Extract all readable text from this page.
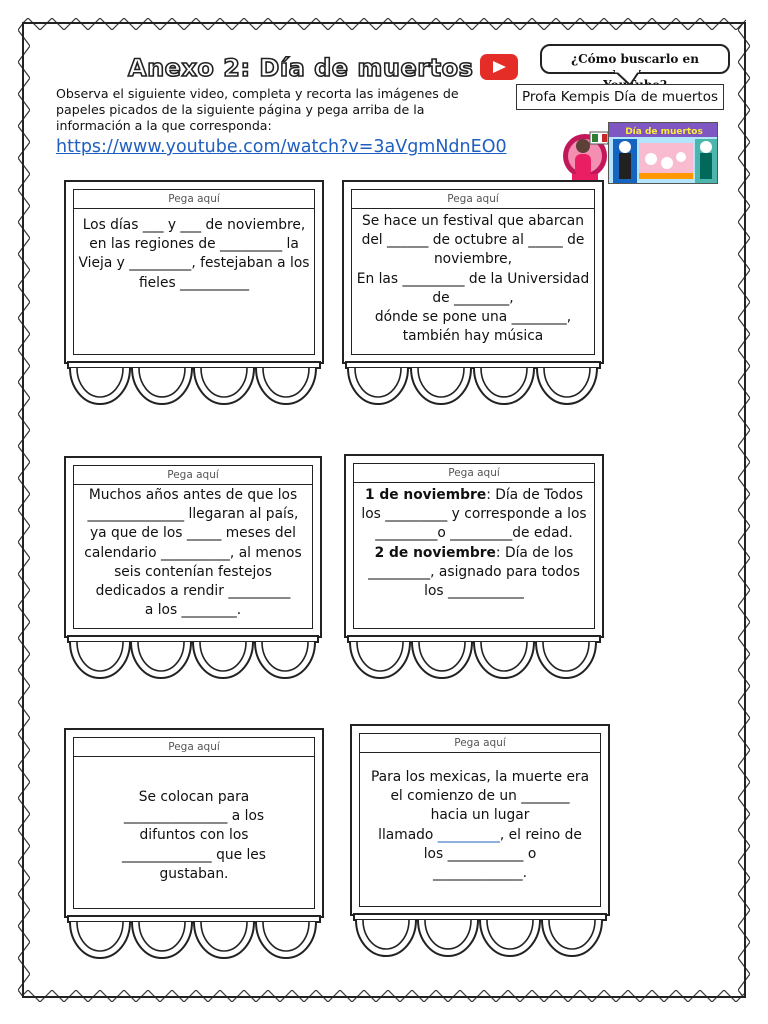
Anexo 2: Día de muertos
Observa el siguiente video, completa y recorta las imágenes de papeles picados de la siguiente página y pega arriba de la información a la que corresponda:
https://www.youtube.com/watch?v=3aVgmNdnEO0
¿Cómo buscarlo en
Profa Kempis Día de muertos
Día de muertos
Pega aquí
Los días ___ y ___ de noviembre, en las regiones de _________ la Vieja y _________, festejaban a los fieles __________
Pega aquí
Se hace un festival que abarcan del ______ de octubre al _____ de noviembre,
En las _________ de la Universidad de ________,
dónde se pone una ________,
también hay música
Pega aquí
Muchos años antes de que los ______________ llegaran al país, ya que de los _____ meses del calendario __________, al menos seis contenían festejos dedicados a rendir _________
a los ________.
Pega aquí
1 de noviembre: Día de Todos los _________ y corresponde a los _________o _________de edad.
2 de noviembre: Día de los _________, asignado para todos los ___________
Pega aquí
Se colocan para
_______________ a los
difuntos con los
_____________ que les
gustaban.
Pega aquí
Para los mexicas, la muerte era el comienzo de un _______
hacia un lugar
llamado _________, el reino de
los ___________ o
_____________.
